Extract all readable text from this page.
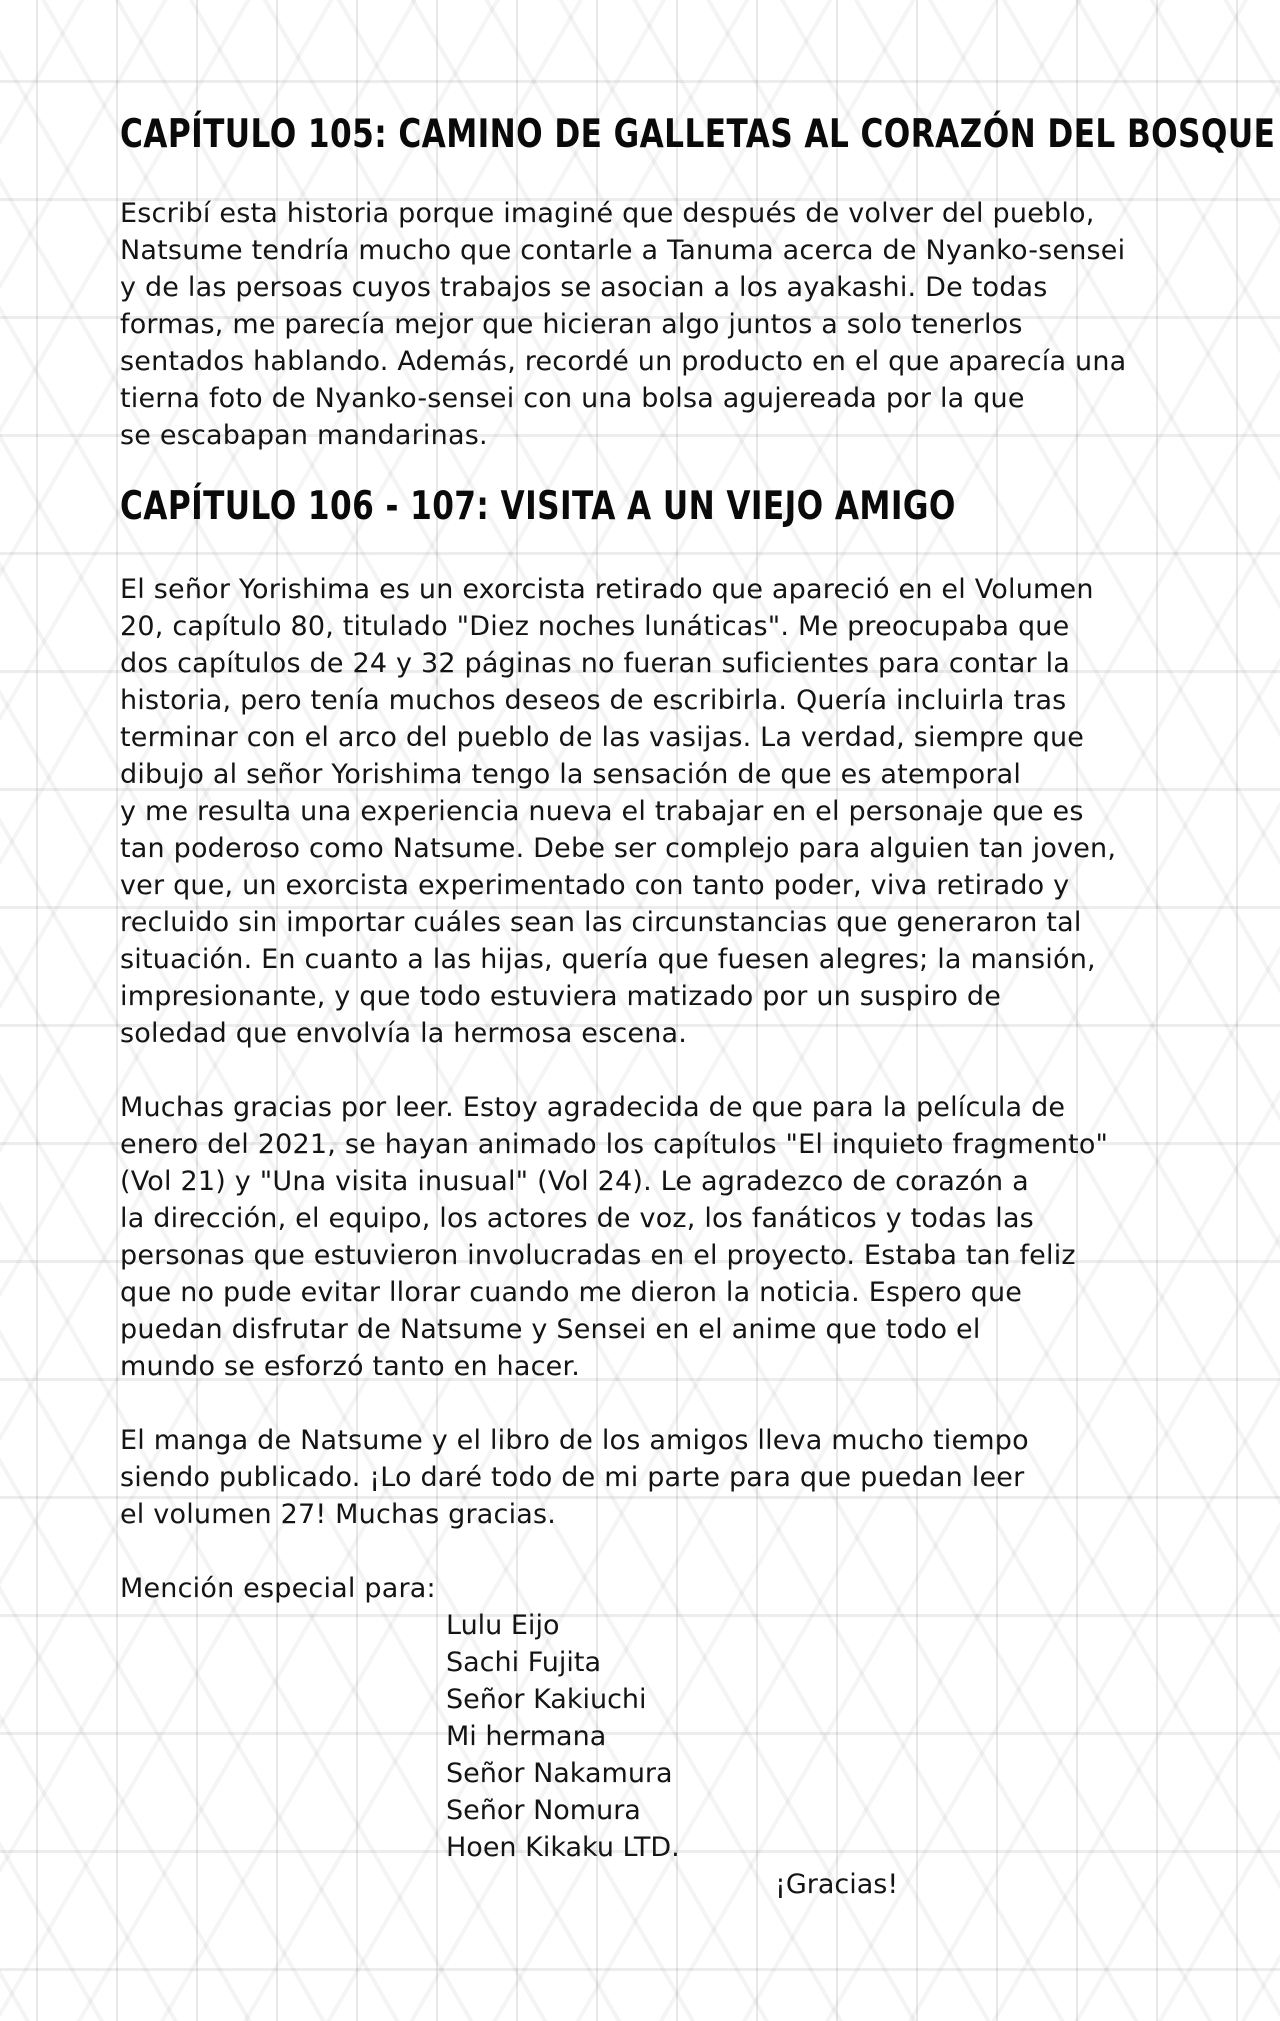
CAPÍTULO 105: CAMINO DE GALLETAS AL CORAZÓN DEL BOSQUE

Escribí esta historia porque imaginé que después de volver del pueblo,
Natsume tendría mucho que contarle a Tanuma acerca de Nyanko-sensei
y de las persoas cuyos trabajos se asocian a los ayakashi. De todas
formas, me parecía mejor que hicieran algo juntos a solo tenerlos
sentados hablando. Además, recordé un producto en el que aparecía una
tierna foto de Nyanko-sensei con una bolsa agujereada por la que
se escabapan mandarinas.

CAPÍTULO 106 - 107: VISITA A UN VIEJO AMIGO

El señor Yorishima es un exorcista retirado que apareció en el Volumen
20, capítulo 80, titulado "Diez noches lunáticas". Me preocupaba que
dos capítulos de 24 y 32 páginas no fueran suficientes para contar la
historia, pero tenía muchos deseos de escribirla. Quería incluirla tras
terminar con el arco del pueblo de las vasijas. La verdad, siempre que
dibujo al señor Yorishima tengo la sensación de que es atemporal
y me resulta una experiencia nueva el trabajar en el personaje que es
tan poderoso como Natsume. Debe ser complejo para alguien tan joven,
ver que, un exorcista experimentado con tanto poder, viva retirado y
recluido sin importar cuáles sean las circunstancias que generaron tal
situación. En cuanto a las hijas, quería que fuesen alegres; la mansión,
impresionante, y que todo estuviera matizado por un suspiro de
soledad que envolvía la hermosa escena.

Muchas gracias por leer. Estoy agradecida de que para la película de
enero del 2021, se hayan animado los capítulos "El inquieto fragmento"
(Vol 21) y "Una visita inusual" (Vol 24). Le agradezco de corazón a
la dirección, el equipo, los actores de voz, los fanáticos y todas las
personas que estuvieron involucradas en el proyecto. Estaba tan feliz
que no pude evitar llorar cuando me dieron la noticia. Espero que
puedan disfrutar de Natsume y Sensei en el anime que todo el
mundo se esforzó tanto en hacer.

El manga de Natsume y el libro de los amigos lleva mucho tiempo
siendo publicado. ¡Lo daré todo de mi parte para que puedan leer
el volumen 27! Muchas gracias.

Mención especial para:

Lulu Eijo
Sachi Fujita
Señor Kakiuchi
Mi hermana
Señor Nakamura
Señor Nomura
Hoen Kikaku LTD.

¡Gracias!
